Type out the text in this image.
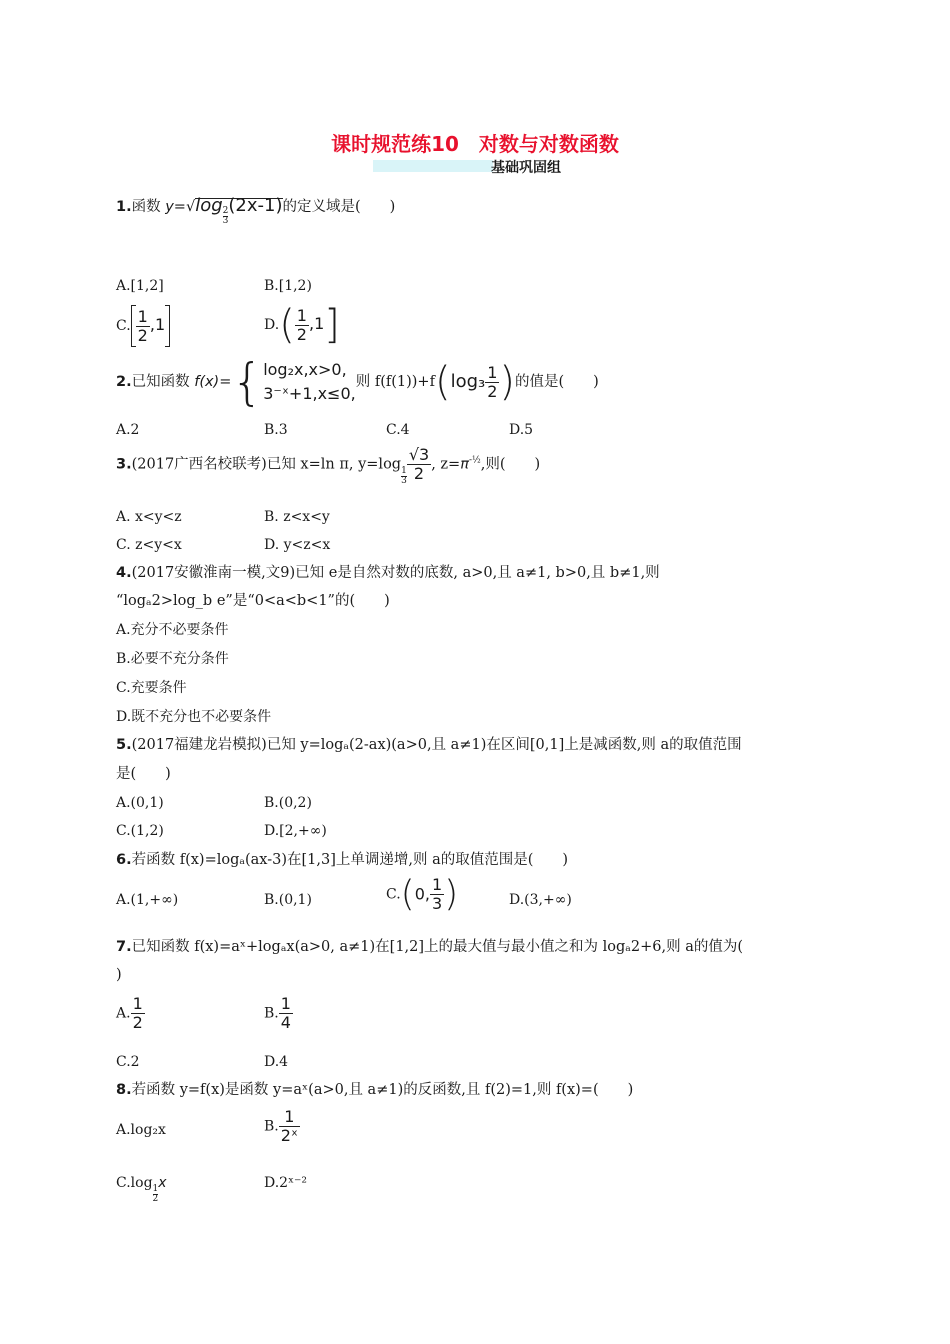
课时规范练10　对数与对数函数
基础巩固组
1.函数 y=√log
$\frac{2}{3}$
(2x-1)的定义域是(　　)
A.[1,2]	B.[1,2)
C. $\frac{1}{2} ,1$	$D.( \frac{1}{2} ,1]$
2.已知函数 f(x)={ log₂x,x>0,
3⁻ˣ+1,x≤0,
则 $f(f(1))+f(\log_3 \frac{1}{2}$ )的值是(　　)
A.2	B.3	C.4	D.5
3.(2017广西名校联考)已知 x=ln π, y=log
$\frac{1}{3} \frac{√3}{2}$ , $z=\pi^{-\frac{1}{2}}$,则(　　)
A. x<y<z	B. z<x<y
C. z<y<x	D. y<z<x
4.(2017安徽淮南一模,文9)已知 e是自然对数的底数, a>0,且 a≠1, b>0,且 b≠1,则
“logₐ2>log_b e”是“0<a<b<1”的(　　)
A.充分不必要条件
B.必要不充分条件
C.充要条件
D.既不充分也不必要条件
5.(2017福建龙岩模拟)已知 y=logₐ(2-ax)(a>0,且 a≠1)在区间[0,1]上是减函数,则 a的取值范围
是(　　)
A.(0,1)	B.(0,2)
C.(1,2)	D.[2,+∞)
6.若函数 f(x)=logₐ(ax-3)在[1,3]上单调递增,则 a的取值范围是(　　)
A.(1,+∞)	B.(0,1)	C.(0, $\frac{1}{3}$ )	D.(3,+∞)
7.已知函数 f(x)=aˣ+logₐx(a>0, a≠1)在[1,2]上的最大值与最小值之和为 logₐ2+6,则 a的值为(
)
A. $\frac{1}{2}$	B. $\frac{1}{4}$
C.2	D.4
8.若函数 y=f(x)是函数 y=aˣ(a>0,且 a≠1)的反函数,且 f(2)=1,则 f(x)=(　　)
A.log₂x	B. $\frac{1}{\text{2ˣ}}$
C.log
$\frac{1}{2}$
x	D.2ˣ⁻²
